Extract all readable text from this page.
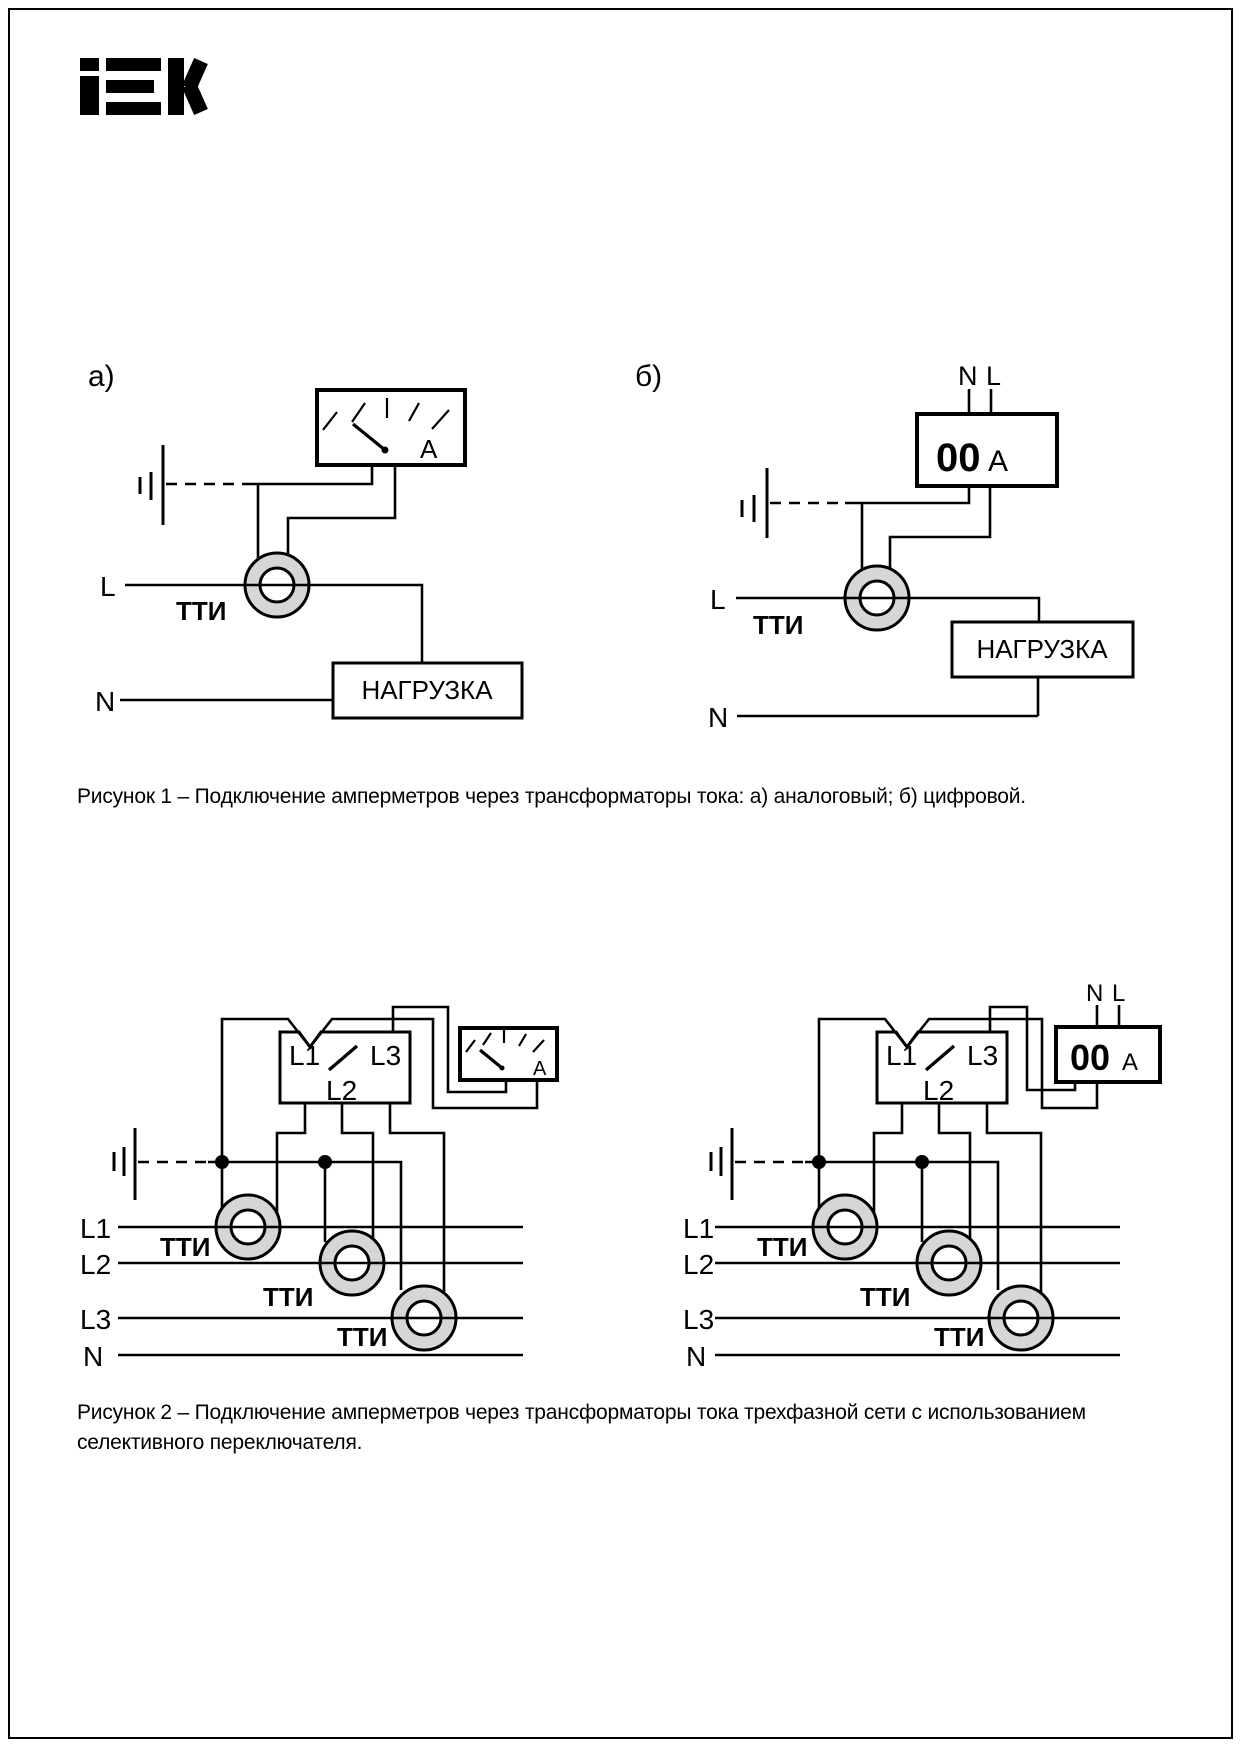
а)
А
L
ТТИ
НАГРУЗКА
N
б)	N L
00 А
L
ТТИ
НАГРУЗКА
N
L1 L3
L2
А
L1
L2
L3
N
ТТИ
ТТИ
ТТИ
L1 L3
L2
N L
00 А
L1
L2
L3
N
ТТИ
ТТИ
ТТИ
Рисунок 1 – Подключение амперметров через трансформаторы тока: а) аналоговый; б) цифровой.
Рисунок 2 – Подключение амперметров через трансформаторы тока трехфазной сети с использованием
селективного переключателя.
